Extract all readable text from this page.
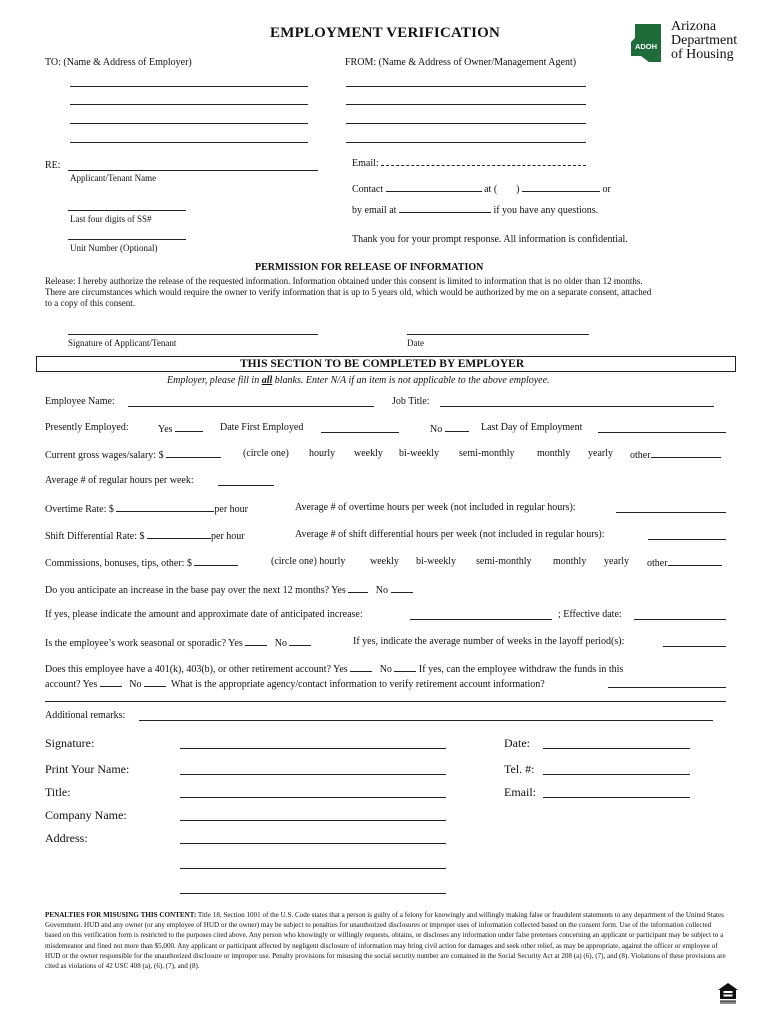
EMPLOYMENT VERIFICATION
ADOH
Arizona
Department
of Housing
TO: (Name & Address of Employer)	FROM: (Name & Address of Owner/Management Agent)
RE:
Applicant/Tenant Name
Last four digits of SS#
Unit Number (Optional)
Email:
Contact	at ( )	or
by email at	if you have any questions.
Thank you for your prompt response. All information is confidential.
PERMISSION FOR RELEASE OF INFORMATION
Release: I hereby authorize the release of the requested information. Information obtained under this consent is limited to information that is no older than 12 months.
There are circumstances which would require the owner to verify information that is up to 5 years old, which would be authorized by me on a separate consent, attached
to a copy of this consent.
Signature of Applicant/Tenant	Date
THIS SECTION TO BE COMPLETED BY EMPLOYER
Employer, please fill in all blanks. Enter N/A if an item is not applicable to the above employee.
Employee Name:	Job Title:
Presently Employed:	Yes	Date First Employed	No	Last Day of Employment
Current gross wages/salary: $	(circle one) hourly weekly bi-weekly semi-monthly monthly yearly other
Average # of regular hours per week:
Overtime Rate: $	per hour	Average # of overtime hours per week (not included in regular hours):
Shift Differential Rate: $	per hour	Average # of shift differential hours per week (not included in regular hours):
Commissions, bonuses, tips, other: $	(circle one) hourly weekly bi-weekly semi-monthly monthly yearly other
Do you anticipate an increase in the base pay over the next 12 months? Yes	No
If yes, please indicate the amount and approximate date of anticipated increase:	; Effective date:
Is the employee’s work seasonal or sporadic? Yes	No	If yes, indicate the average number of weeks in the layoff period(s):
Does this employee have a 401(k), 403(b), or other retirement account? Yes	No	If yes, can the employee withdraw the funds in this
account? Yes	No	What is the appropriate agency/contact information to verify retirement account information?
Additional remarks:
Signature:	Date:
Print Your Name:	Tel. #:
Title:	Email:
Company Name:
Address:
PENALTIES FOR MISUSING THIS CONTENT: Title 18, Section 1001 of the U.S. Code states that a person is guilty of a felony for knowingly and willingly making false or fraudulent statements to any department of the United States Government. HUD and any owner (or any employee of HUD or the owner) may be subject to penalties for unauthorized disclosures or improper uses of information collected based on the consent form. Use of the information collected based on this verification form is restricted to the purposes cited above. Any person who knowingly or willingly requests, obtains, or discloses any information under false pretenses concerning an applicant or participant may be subject to a misdemeanor and fined not more than $5,000. Any applicant or participant affected by negligent disclosure of information may bring civil action for damages and seek other relief, as may be appropriate, against the officer or employee of HUD or the owner responsible for the unauthorized disclosure or improper use. Penalty provisions for misusing the social security number are contained in the Social Security Act at 208 (a) (6), (7), and (8). Violations of these provisions are cited as violations of 42 USC 408 (a), (6), (7), and (8).
